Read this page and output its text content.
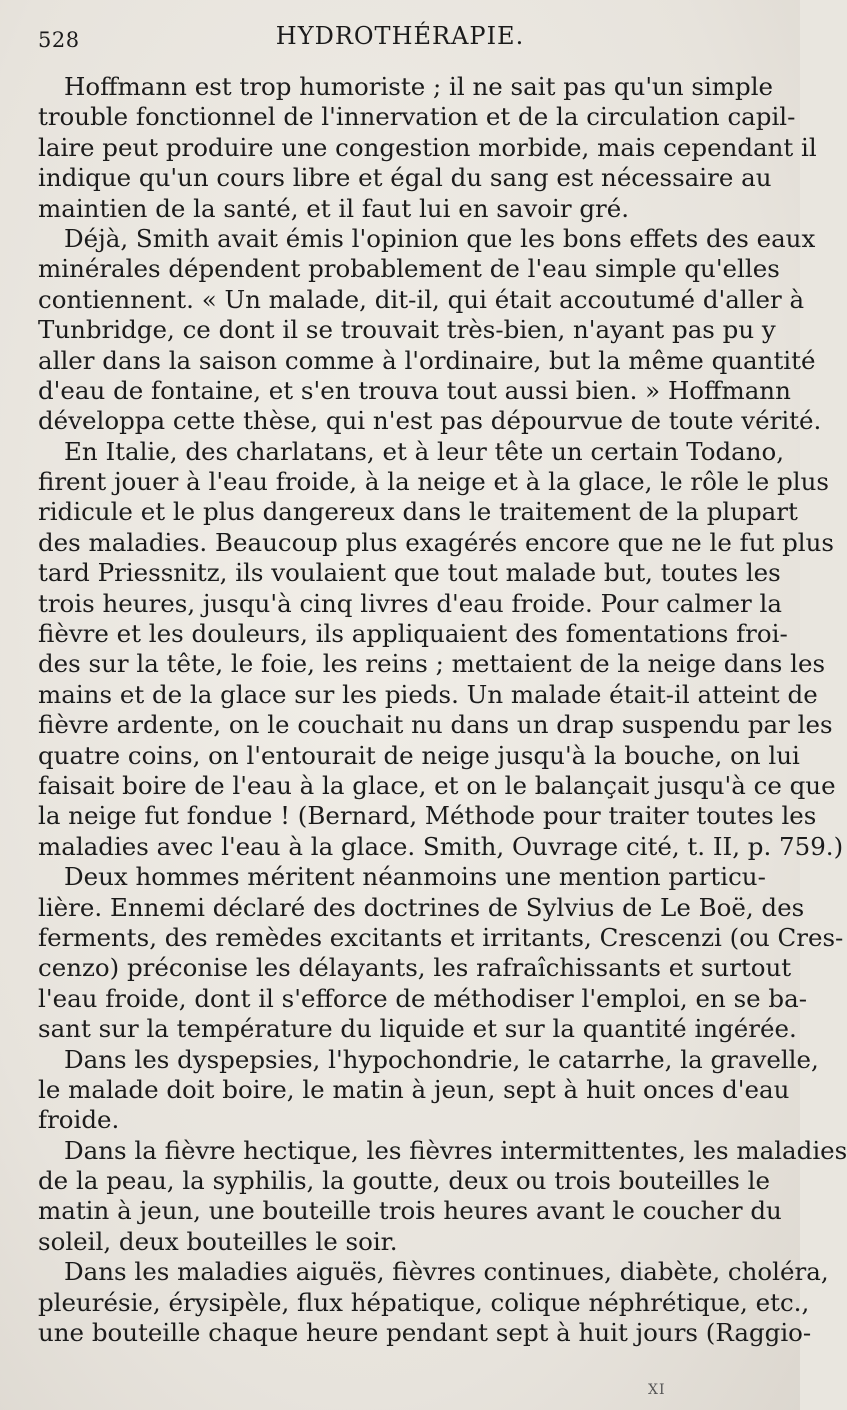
528	HYDROTHÉRAPIE.
Hoffmann est trop humoriste ; il ne sait pas qu'un simple
trouble fonctionnel de l'innervation et de la circulation capil-
laire peut produire une congestion morbide, mais cependant il
indique qu'un cours libre et égal du sang est nécessaire au
maintien de la santé, et il faut lui en savoir gré.
Déjà, Smith avait émis l'opinion que les bons effets des eaux
minérales dépendent probablement de l'eau simple qu'elles
contiennent. « Un malade, dit-il, qui était accoutumé d'aller à
Tunbridge, ce dont il se trouvait très-bien, n'ayant pas pu y
aller dans la saison comme à l'ordinaire, but la même quantité
d'eau de fontaine, et s'en trouva tout aussi bien. » Hoffmann
développa cette thèse, qui n'est pas dépourvue de toute vérité.
En Italie, des charlatans, et à leur tête un certain Todano,
firent jouer à l'eau froide, à la neige et à la glace, le rôle le plus
ridicule et le plus dangereux dans le traitement de la plupart
des maladies. Beaucoup plus exagérés encore que ne le fut plus
tard Priessnitz, ils voulaient que tout malade but, toutes les
trois heures, jusqu'à cinq livres d'eau froide. Pour calmer la
fièvre et les douleurs, ils appliquaient des fomentations froi-
des sur la tête, le foie, les reins ; mettaient de la neige dans les
mains et de la glace sur les pieds. Un malade était-il atteint de
fièvre ardente, on le couchait nu dans un drap suspendu par les
quatre coins, on l'entourait de neige jusqu'à la bouche, on lui
faisait boire de l'eau à la glace, et on le balançait jusqu'à ce que
la neige fut fondue ! (Bernard, Méthode pour traiter toutes les
maladies avec l'eau à la glace. Smith, Ouvrage cité, t. II, p. 759.)
Deux hommes méritent néanmoins une mention particu-
lière. Ennemi déclaré des doctrines de Sylvius de Le Boë, des
ferments, des remèdes excitants et irritants, Crescenzi (ou Cres-
cenzo) préconise les délayants, les rafraîchissants et surtout
l'eau froide, dont il s'efforce de méthodiser l'emploi, en se ba-
sant sur la température du liquide et sur la quantité ingérée.
Dans les dyspepsies, l'hypochondrie, le catarrhe, la gravelle,
le malade doit boire, le matin à jeun, sept à huit onces d'eau
froide.
Dans la fièvre hectique, les fièvres intermittentes, les maladies
de la peau, la syphilis, la goutte, deux ou trois bouteilles le
matin à jeun, une bouteille trois heures avant le coucher du
soleil, deux bouteilles le soir.
Dans les maladies aiguës, fièvres continues, diabète, choléra,
pleurésie, érysipèle, flux hépatique, colique néphrétique, etc.,
une bouteille chaque heure pendant sept à huit jours (Raggio-
XI
